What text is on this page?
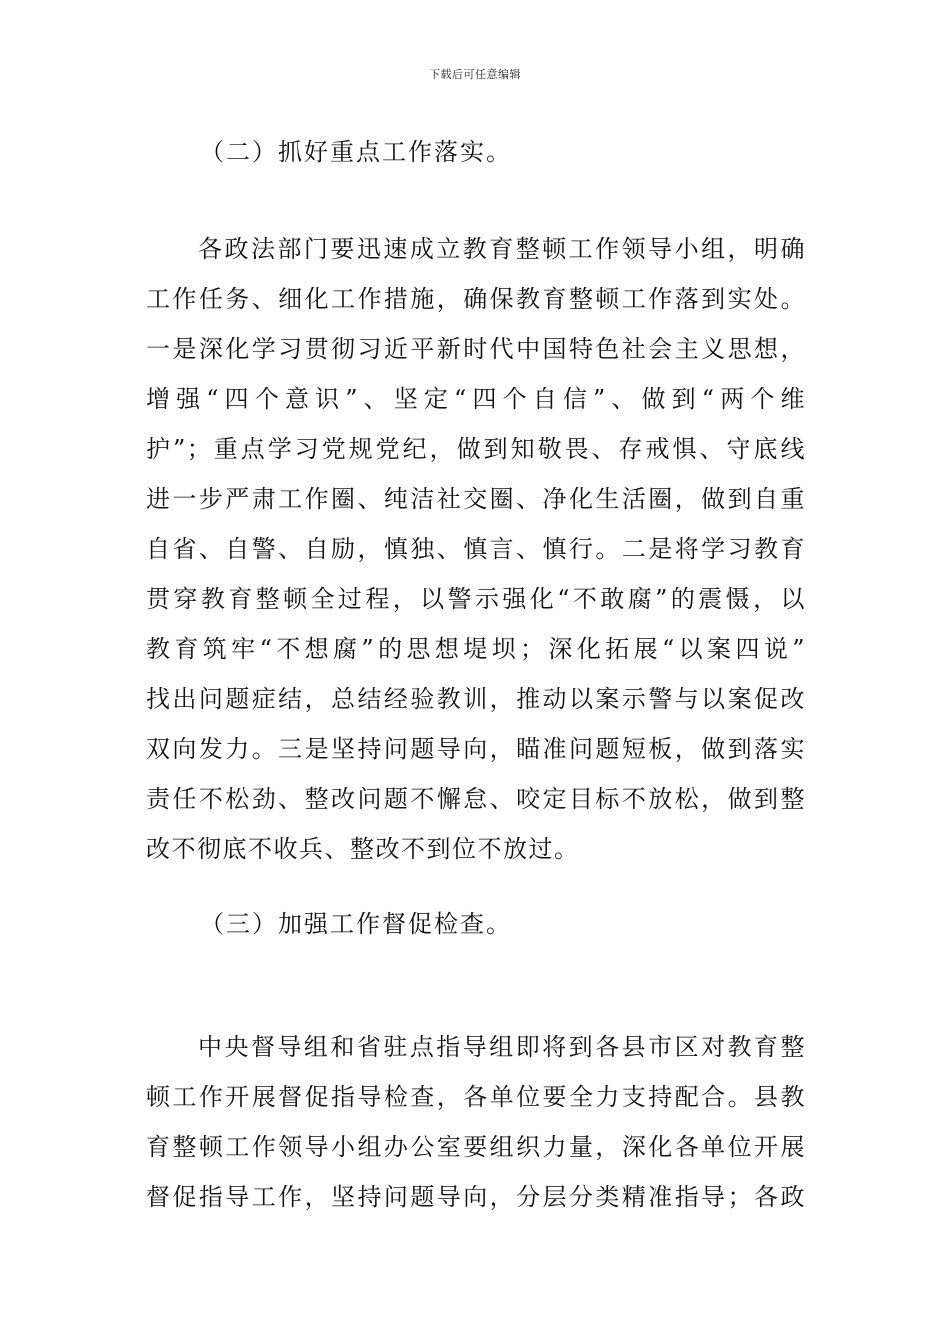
下载后可任意编辑
（二）抓好重点工作落实。
各政法部门要迅速成立教育整顿工作领导小组，明确
工作任务、细化工作措施，确保教育整顿工作落到实处。
一是深化学习贯彻习近平新时代中国特色社会主义思想，
增强“四个意识”、坚定“四个自信”、做到“两个维
护”；重点学习党规党纪，做到知敬畏、存戒惧、守底线
进一步严肃工作圈、纯洁社交圈、净化生活圈，做到自重
自省、自警、自励，慎独、慎言、慎行。二是将学习教育
贯穿教育整顿全过程，以警示强化“不敢腐”的震慑，以
教育筑牢“不想腐”的思想堤坝；深化拓展“以案四说”
找出问题症结，总结经验教训，推动以案示警与以案促改
双向发力。三是坚持问题导向，瞄准问题短板，做到落实
责任不松劲、整改问题不懈怠、咬定目标不放松，做到整
改不彻底不收兵、整改不到位不放过。
（三）加强工作督促检查。
中央督导组和省驻点指导组即将到各县市区对教育整
顿工作开展督促指导检查，各单位要全力支持配合。县教
育整顿工作领导小组办公室要组织力量，深化各单位开展
督促指导工作，坚持问题导向，分层分类精准指导；各政
